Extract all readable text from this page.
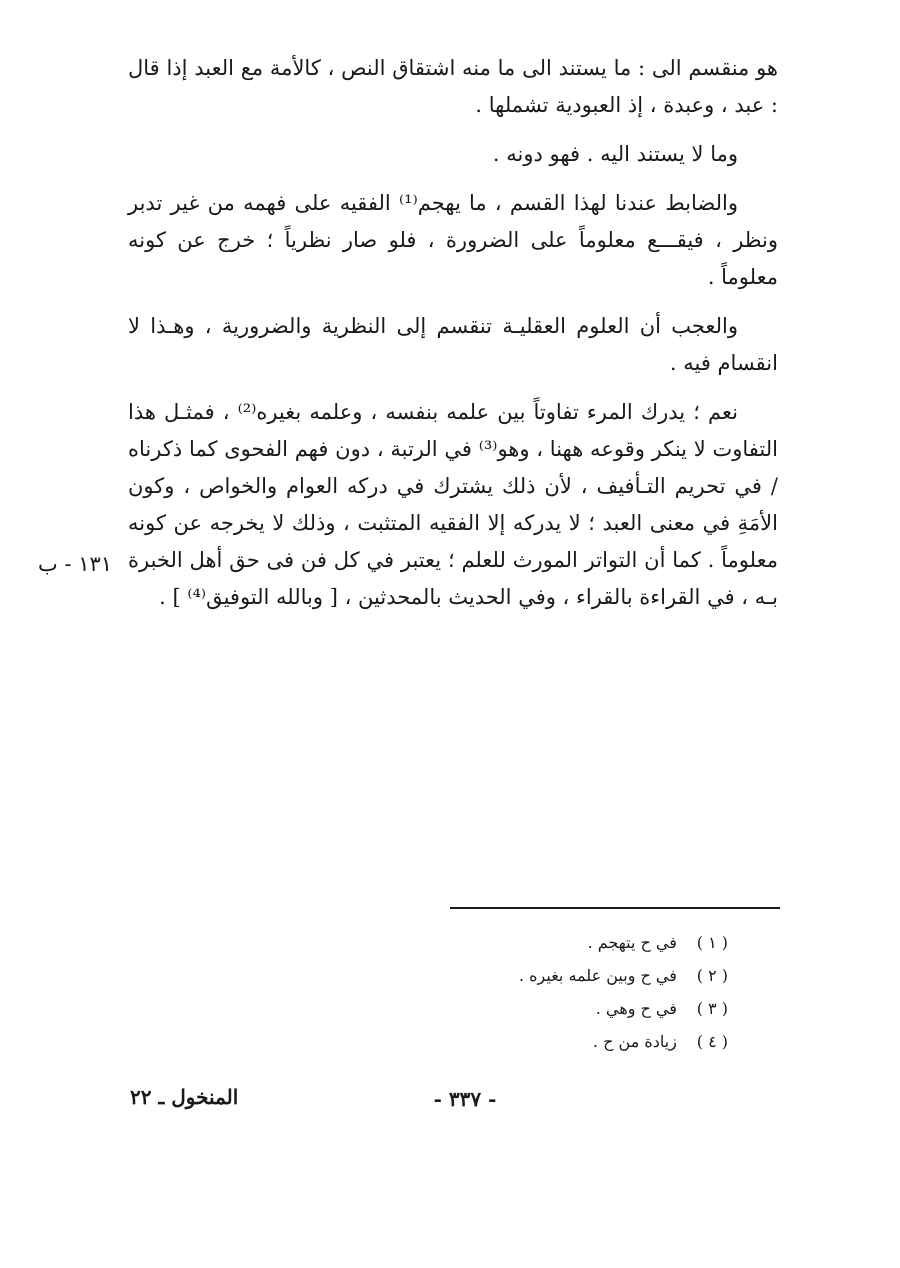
هو منقسم الى : ما يستند الى ما منه اشتقاق النص ، كالأمة مع العبد إذا قال : عبد ، وعبدة ، إذ العبودية تشملها .

وما لا يستند اليه . فهو دونه .

والضابط عندنا لهذا القسم ، ما يهجم⁽¹⁾ الفقيه على فهمه من غير تدبر ونظر ، فيقـــع معلوماً على الضرورة ، فلو صار نظرياً ؛ خرج عن كونه معلوماً .

والعجب أن العلوم العقليـة تنقسم إلى النظرية والضرورية ، وهـذا لا انقسام فيه .

نعم ؛ يدرك المرء تفاوتاً بين علمه بنفسه ، وعلمه بغيره⁽²⁾ ، فمثـل هذا التفاوت لا ينكر وقوعه ههنا ، وهو⁽³⁾ في الرتبة ، دون فهم الفحوى كما ذكرناه / في تحريم التـأفيف ، لأن ذلك يشترك في دركه العوام والخواص ، وكون الأمَةِ في معنى العبد ؛ لا يدركه إلا الفقيه المتثبت ، وذلك لا يخرجه عن كونه معلوماً . كما أن التواتر المورث للعلم ؛ يعتبر في كل فن فى حق أهل الخبرة بـه ، في القراءة بالقراء ، وفي الحديث بالمحدثين ، [ وبالله التوفيق⁽⁴⁾ ] .

١٣١ - ب
( ١ ) في ح يتهجم .
( ٢ ) في ح وبين علمه بغيره .
( ٣ ) في ح وهي .
( ٤ ) زيادة من ح .
- ٣٣٧ -
المنخول ـ ٢٢
